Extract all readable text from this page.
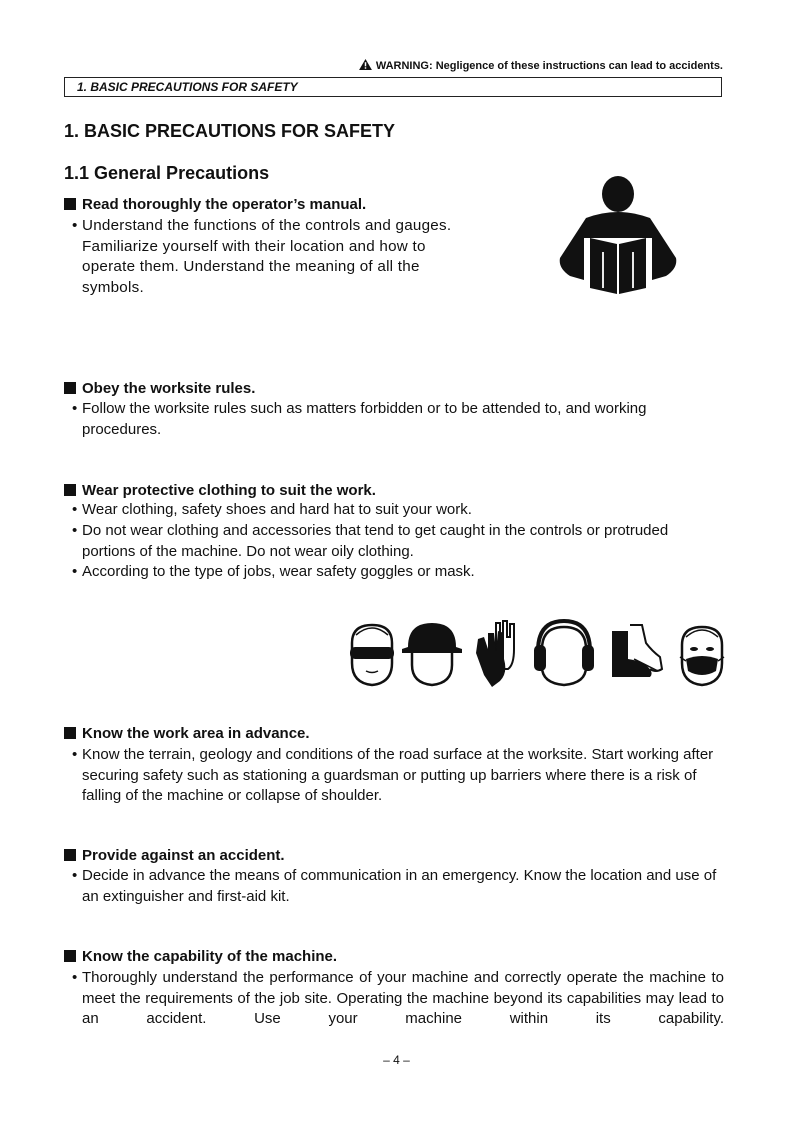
WARNING: Negligence of these instructions can lead to accidents.
1. BASIC PRECAUTIONS FOR SAFETY
1. BASIC PRECAUTIONS FOR SAFETY
1.1 General Precautions
Read thoroughly the operator’s manual.
• Understand the functions of the controls and gauges. Familiarize yourself with their location and how to operate them. Understand the meaning of all the symbols.
Obey the worksite rules.
• Follow the worksite rules such as matters forbidden or to be attended to, and working procedures.
Wear protective clothing to suit the work.
• Wear clothing, safety shoes and hard hat to suit your work.
• Do not wear clothing and accessories that tend to get caught in the controls or protruded portions of the machine. Do not wear oily clothing.
• According to the type of jobs, wear safety goggles or mask.
Know the work area in advance.
• Know the terrain, geology and conditions of the road surface at the worksite. Start working after securing safety such as stationing a guardsman or putting up barriers where there is a risk of falling of the machine or collapse of shoulder.
Provide against an accident.
• Decide in advance the means of communication in an emergency. Know the location and use of an extinguisher and first-aid kit.
Know the capability of the machine.
• Thoroughly understand the performance of your machine and correctly operate the machine to meet the requirements of the job site. Operating the machine beyond its capabilities may lead to an accident. Use your machine within its capability.
– 4 –
